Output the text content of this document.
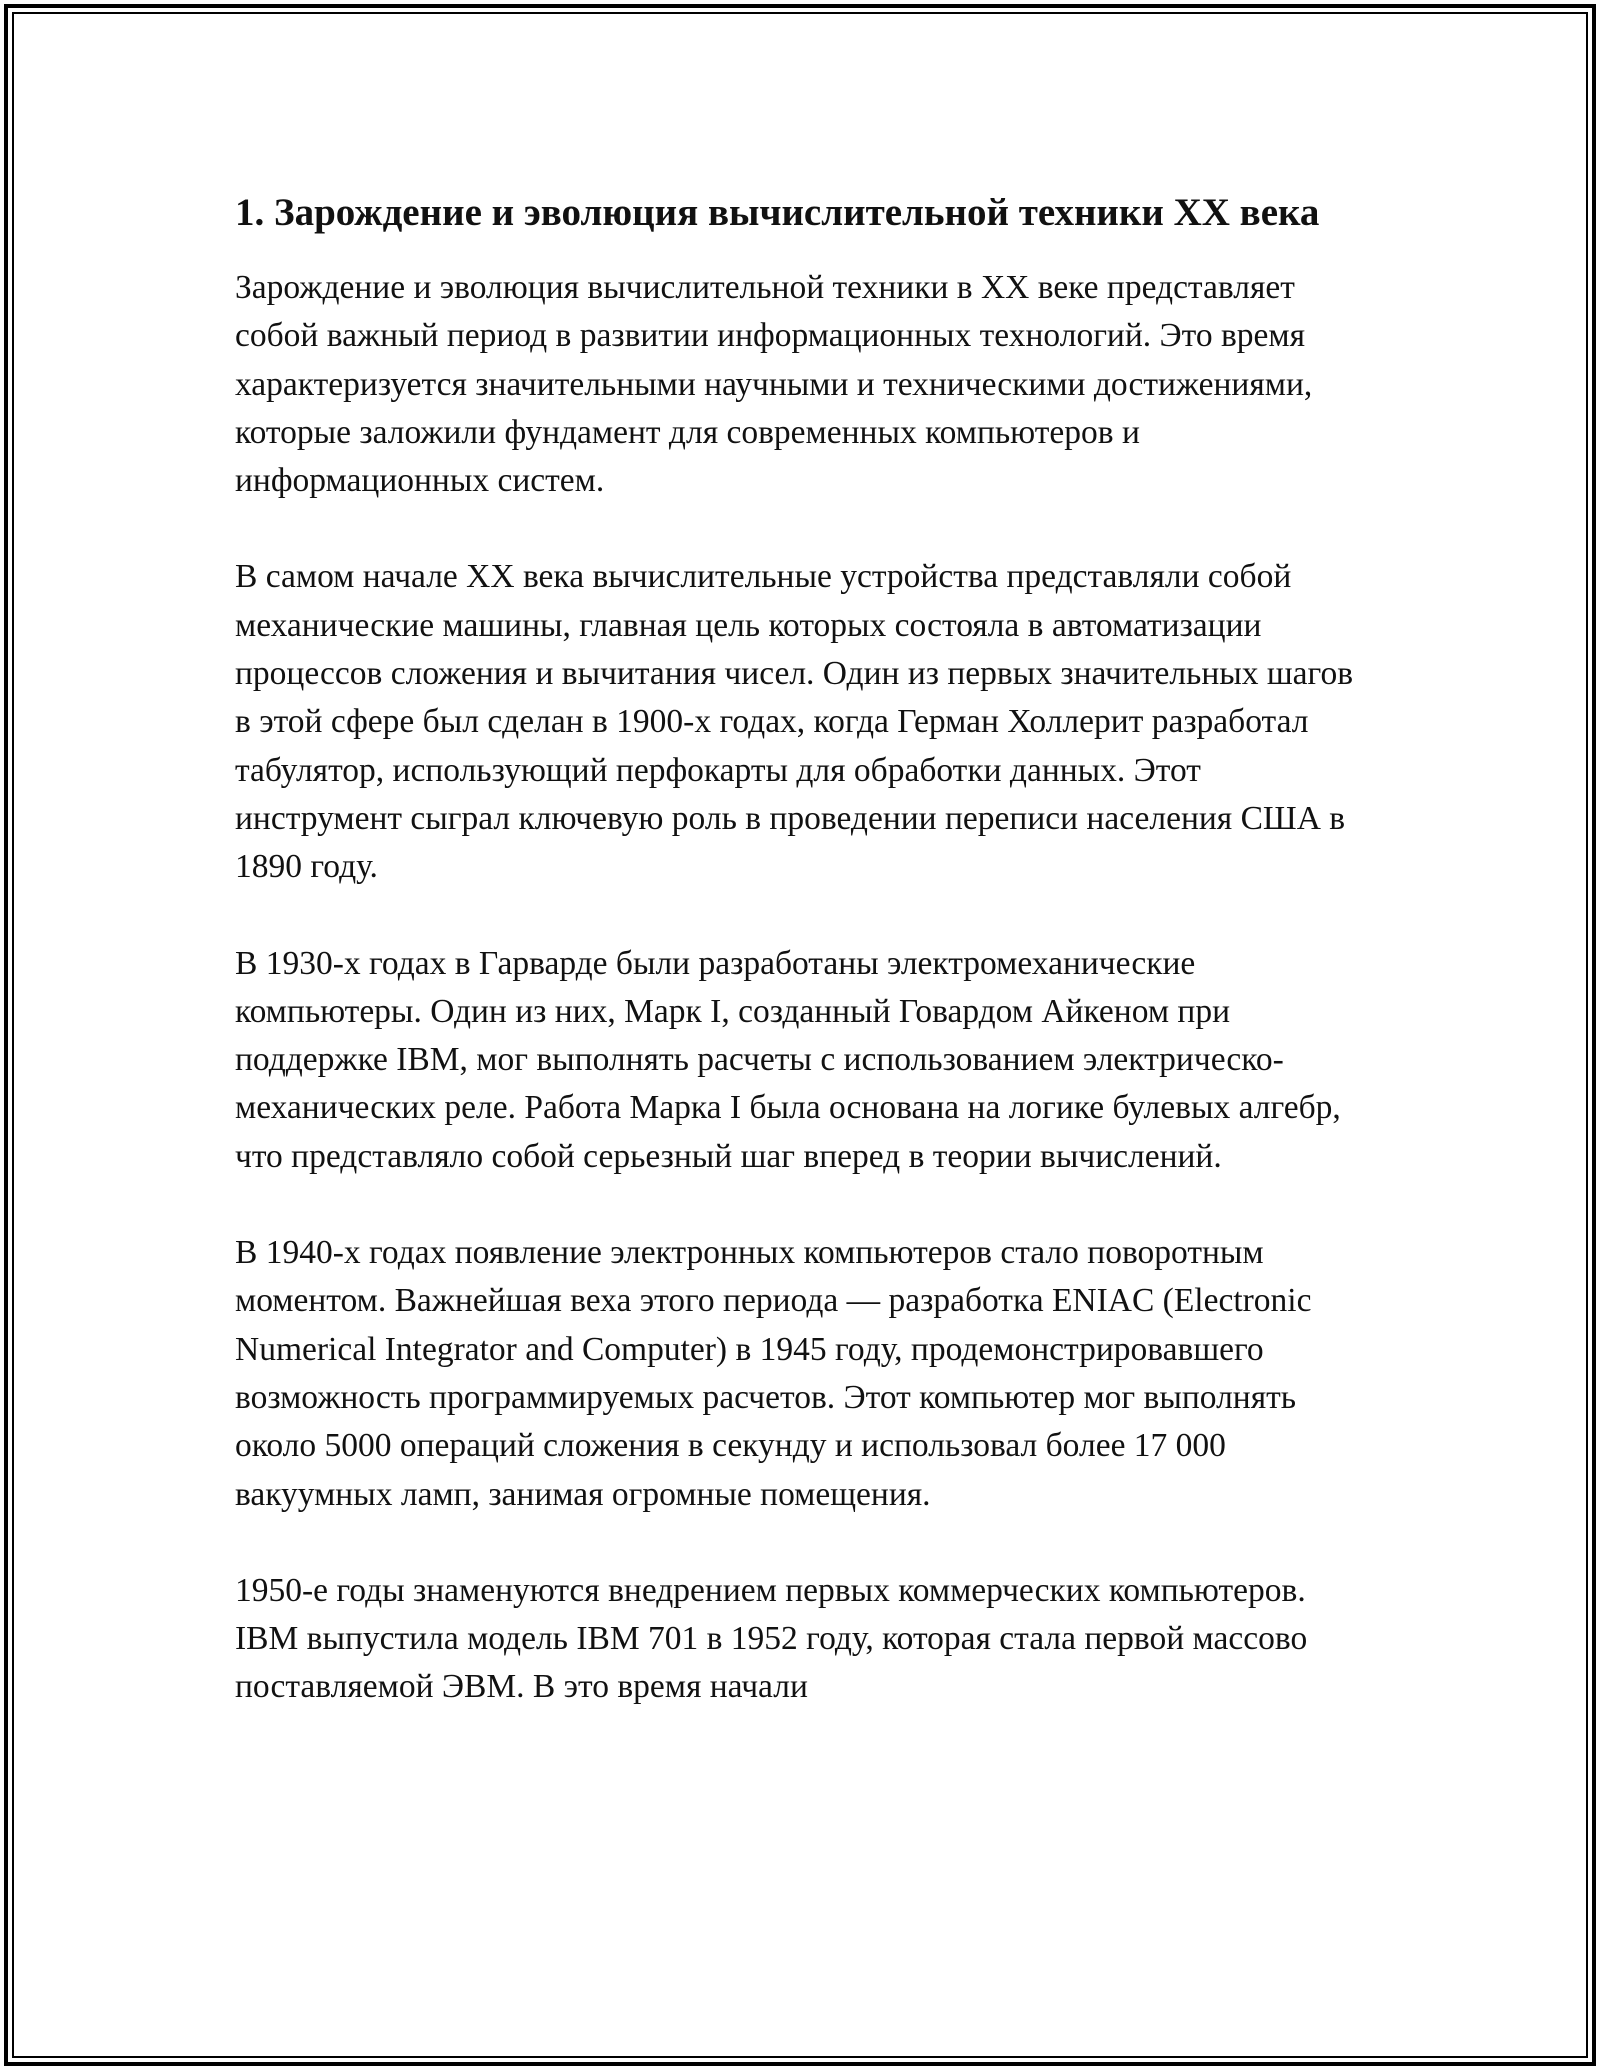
1. Зарождение и эволюция вычислительной техники XX века

Зарождение и эволюция вычислительной техники в XX веке представляет собой важный период в развитии информационных технологий. Это время характеризуется значительными научными и техническими достижениями, которые заложили фундамент для современных компьютеров и информационных систем.

В самом начале XX века вычислительные устройства представляли собой механические машины, главная цель которых состояла в автоматизации процессов сложения и вычитания чисел. Один из первых значительных шагов в этой сфере был сделан в 1900-х годах, когда Герман Холлерит разработал табулятор, использующий перфокарты для обработки данных. Этот инструмент сыграл ключевую роль в проведении переписи населения США в 1890 году.

В 1930-х годах в Гарварде были разработаны электромеханические компьютеры. Один из них, Марк I, созданный Говардом Айкеном при поддержке IBM, мог выполнять расчеты с использованием электрическо-механических реле. Работа Марка I была основана на логике булевых алгебр, что представляло собой серьезный шаг вперед в теории вычислений.

В 1940-х годах появление электронных компьютеров стало поворотным моментом. Важнейшая веха этого периода — разработка ENIAC (Electronic Numerical Integrator and Computer) в 1945 году, продемонстрировавшего возможность программируемых расчетов. Этот компьютер мог выполнять около 5000 операций сложения в секунду и использовал более 17 000 вакуумных ламп, занимая огромные помещения.

1950-е годы знаменуются внедрением первых коммерческих компьютеров. IBM выпустила модель IBM 701 в 1952 году, которая стала первой массово поставляемой ЭВМ. В это время начали
